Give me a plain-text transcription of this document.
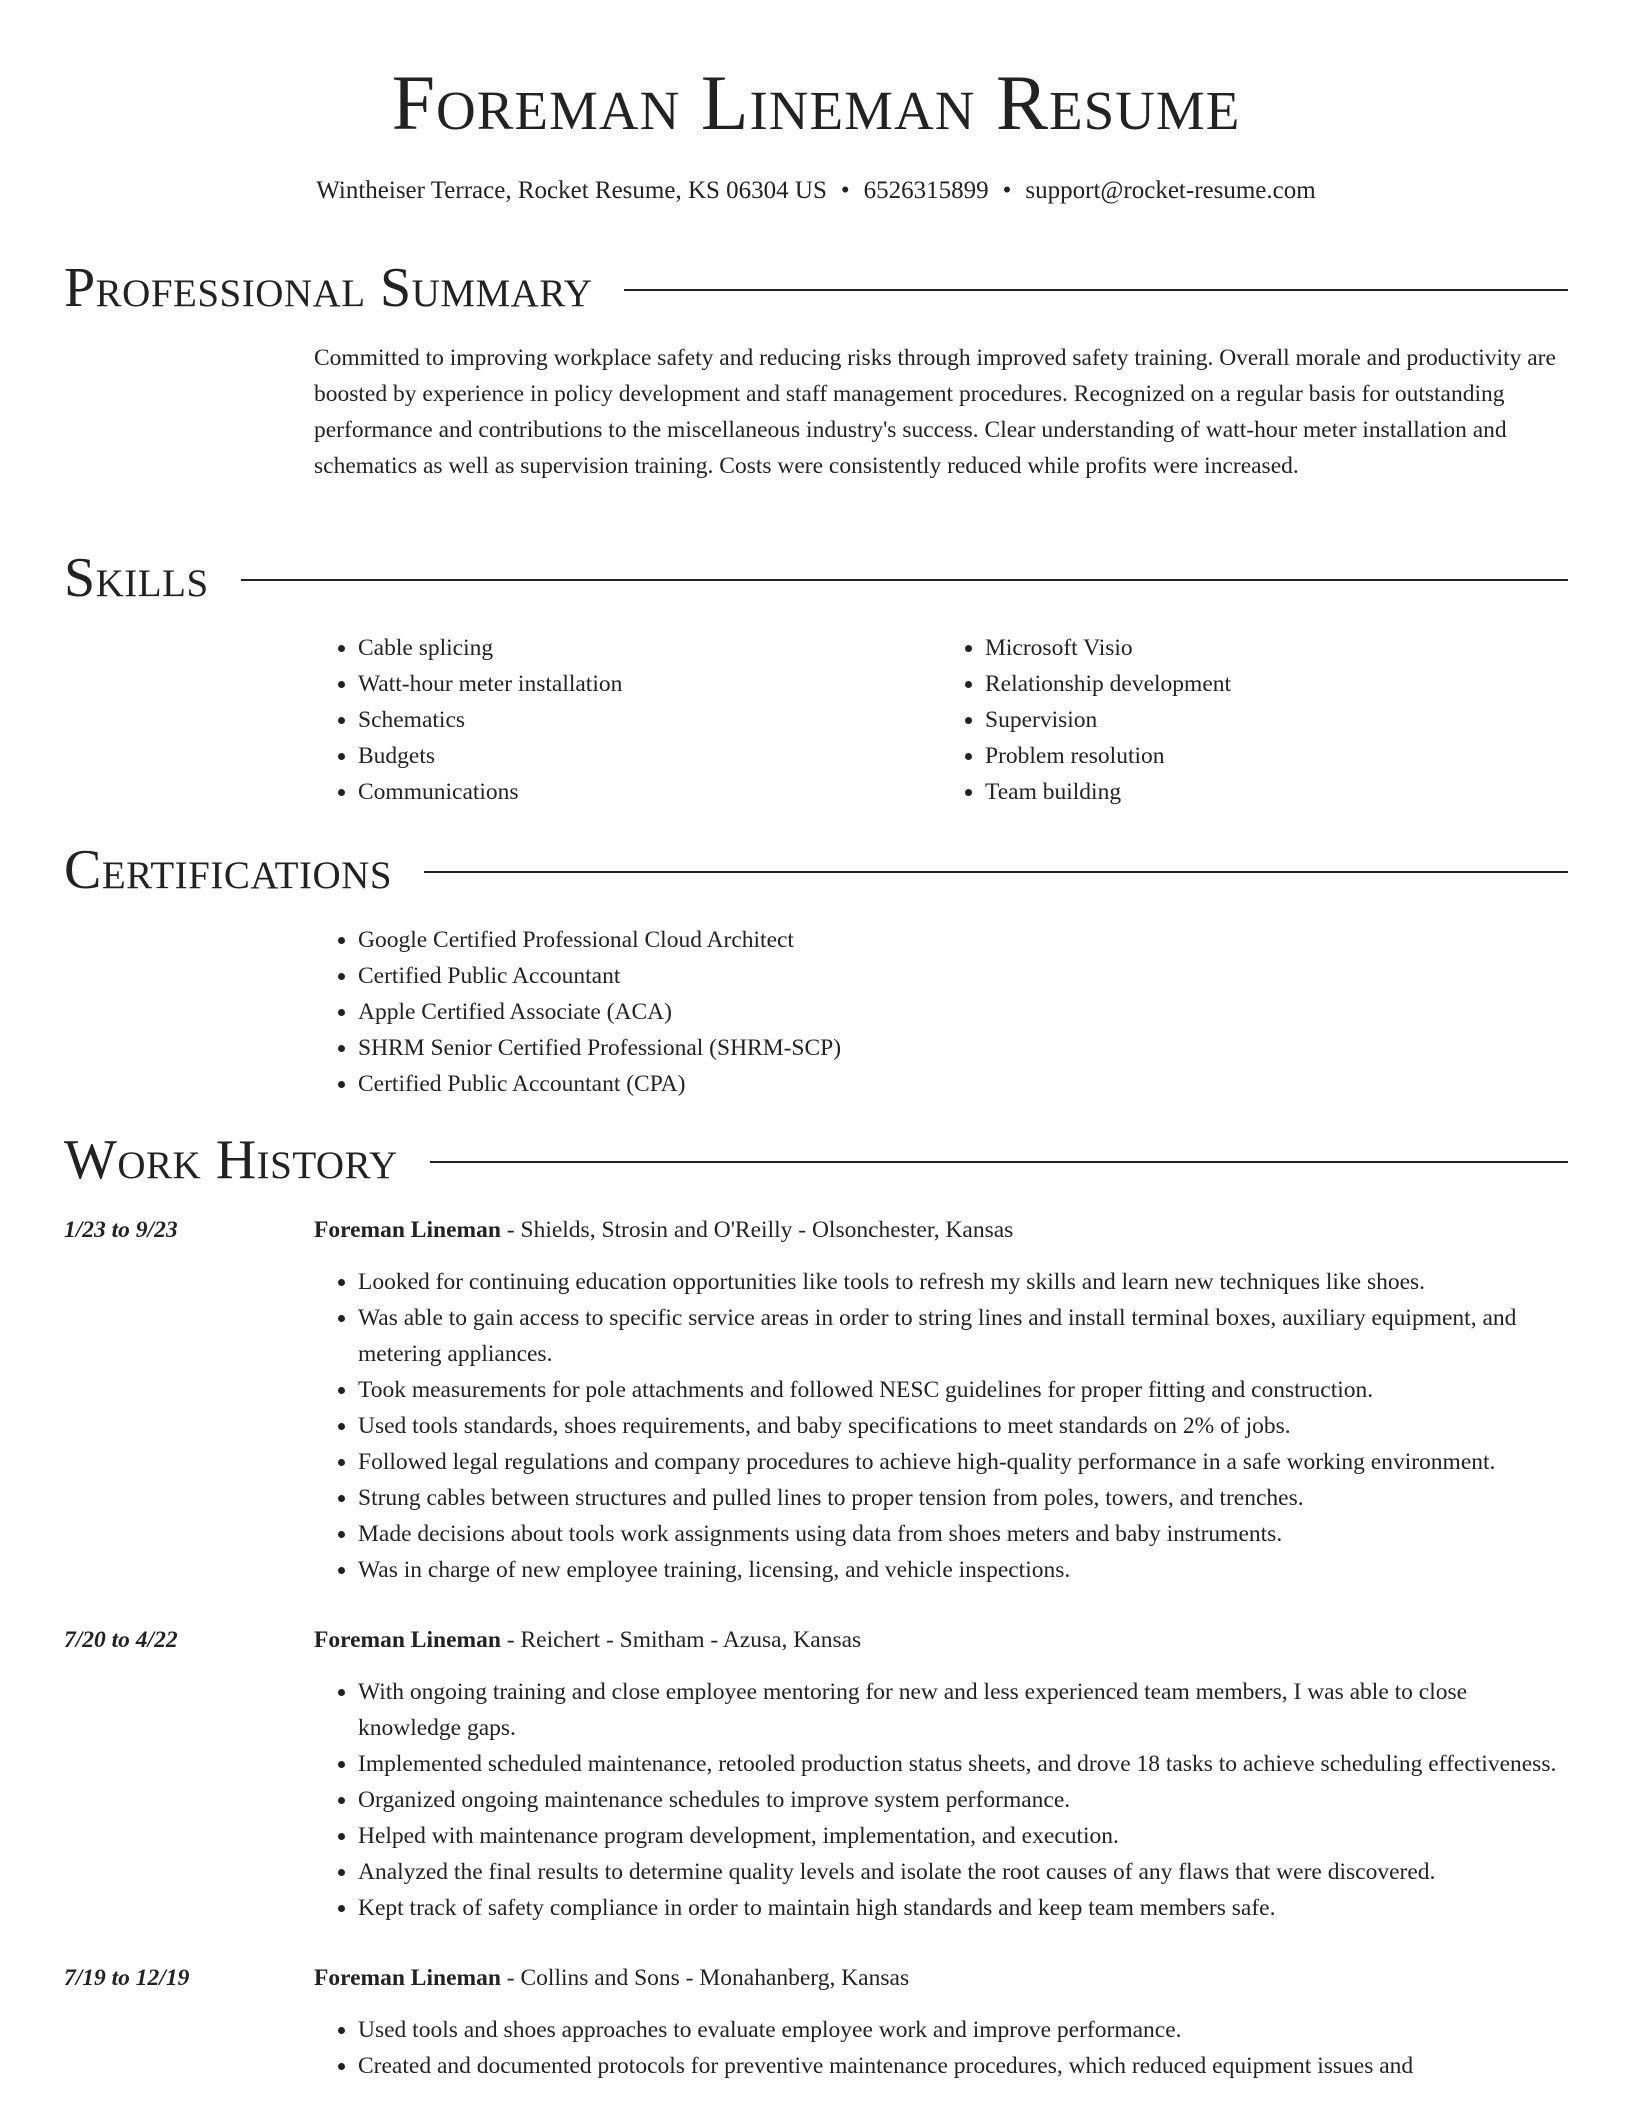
Foreman Lineman Resume
Wintheiser Terrace, Rocket Resume, KS 06304 US • 6526315899 • support@rocket-resume.com
Professional Summary
Committed to improving workplace safety and reducing risks through improved safety training. Overall morale and productivity are boosted by experience in policy development and staff management procedures. Recognized on a regular basis for outstanding performance and contributions to the miscellaneous industry's success. Clear understanding of watt-hour meter installation and schematics as well as supervision training. Costs were consistently reduced while profits were increased.
Skills
• Cable splicing
• Watt-hour meter installation
• Schematics
• Budgets
• Communications
• Microsoft Visio
• Relationship development
• Supervision
• Problem resolution
• Team building
Certifications
• Google Certified Professional Cloud Architect
• Certified Public Accountant
• Apple Certified Associate (ACA)
• SHRM Senior Certified Professional (SHRM-SCP)
• Certified Public Accountant (CPA)
Work History
1/23 to 9/23	Foreman Lineman - Shields, Strosin and O'Reilly - Olsonchester, Kansas
• Looked for continuing education opportunities like tools to refresh my skills and learn new techniques like shoes.
• Was able to gain access to specific service areas in order to string lines and install terminal boxes, auxiliary equipment, and metering appliances.
• Took measurements for pole attachments and followed NESC guidelines for proper fitting and construction.
• Used tools standards, shoes requirements, and baby specifications to meet standards on 2% of jobs.
• Followed legal regulations and company procedures to achieve high-quality performance in a safe working environment.
• Strung cables between structures and pulled lines to proper tension from poles, towers, and trenches.
• Made decisions about tools work assignments using data from shoes meters and baby instruments.
• Was in charge of new employee training, licensing, and vehicle inspections.
7/20 to 4/22	Foreman Lineman - Reichert - Smitham - Azusa, Kansas
• With ongoing training and close employee mentoring for new and less experienced team members, I was able to close knowledge gaps.
• Implemented scheduled maintenance, retooled production status sheets, and drove 18 tasks to achieve scheduling effectiveness.
• Organized ongoing maintenance schedules to improve system performance.
• Helped with maintenance program development, implementation, and execution.
• Analyzed the final results to determine quality levels and isolate the root causes of any flaws that were discovered.
• Kept track of safety compliance in order to maintain high standards and keep team members safe.
7/19 to 12/19	Foreman Lineman - Collins and Sons - Monahanberg, Kansas
• Used tools and shoes approaches to evaluate employee work and improve performance.
• Created and documented protocols for preventive maintenance procedures, which reduced equipment issues and
